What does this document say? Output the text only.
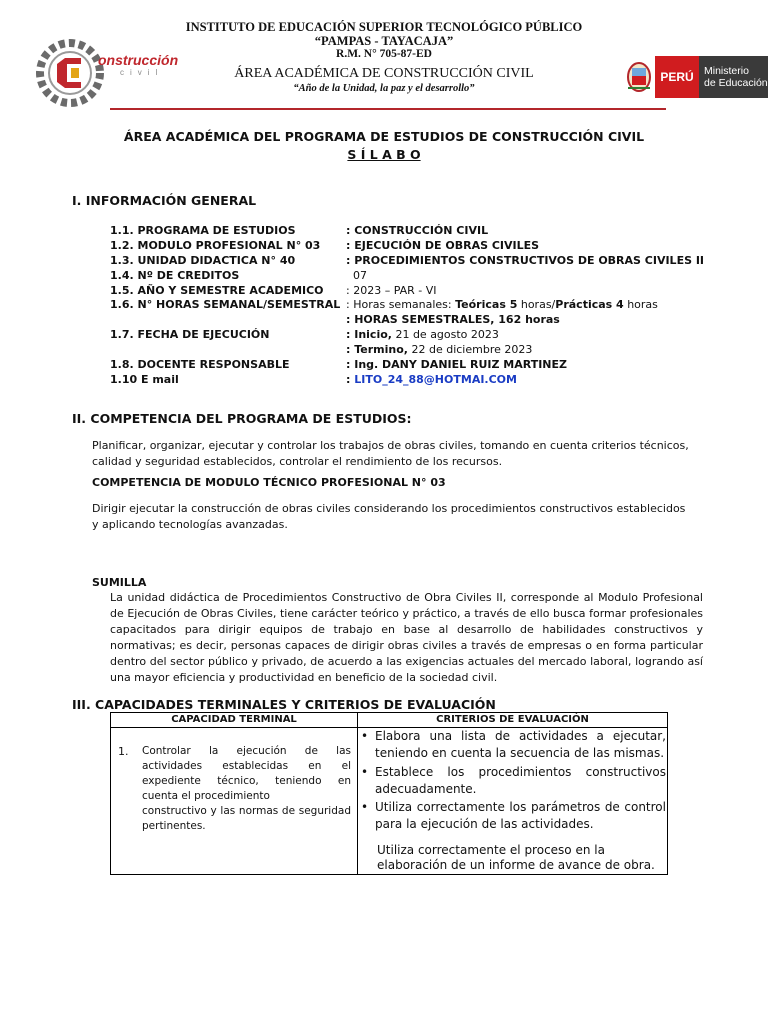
INSTITUTO DE EDUCACIÓN SUPERIOR TECNOLÓGICO PÚBLICO
“PAMPAS - TAYACAJA”
R.M. N° 705-87-ED
ÁREA ACADÉMICA DE CONSTRUCCIÓN CIVIL
“Año de la Unidad, la paz y el desarrollo”
onstrucción
civil	PERÚ Ministerio
de Educación
ÁREA ACADÉMICA DEL PROGRAMA DE ESTUDIOS DE CONSTRUCCIÓN CIVIL
S Í L A B O
I. INFORMACIÓN GENERAL
1.1. PROGRAMA DE ESTUDIOS	: CONSTRUCCIÓN CIVIL
1.2. MODULO PROFESIONAL N° 03 : EJECUCIÓN DE OBRAS CIVILES
1.3. UNIDAD DIDACTICA N° 40	: PROCEDIMIENTOS CONSTRUCTIVOS DE OBRAS CIVILES II
1.4. Nº DE CREDITOS	07
1.5. AÑO Y SEMESTRE ACADEMICO : 2023 – PAR - VI
1.6. N° HORAS SEMANAL/SEMESTRAL : Horas semanales: Teóricas 5 horas/Prácticas 4 horas
: HORAS SEMESTRALES, 162 horas
1.7. FECHA DE EJECUCIÓN	: Inicio, 21 de agosto 2023
: Termino, 22 de diciembre 2023
1.8. DOCENTE RESPONSABLE	: Ing. DANY DANIEL RUIZ MARTINEZ
1.10 E mail	: LITO_24_88@HOTMAI.COM
II. COMPETENCIA DEL PROGRAMA DE ESTUDIOS:
Planificar, organizar, ejecutar y controlar los trabajos de obras civiles, tomando en cuenta criterios técnicos, calidad y seguridad establecidos, controlar el rendimiento de los recursos.
COMPETENCIA DE MODULO TÉCNICO PROFESIONAL N° 03
Dirigir ejecutar la construcción de obras civiles considerando los procedimientos constructivos establecidos y aplicando tecnologías avanzadas.
SUMILLA
La unidad didáctica de Procedimientos Constructivo de Obra Civiles II, corresponde al Modulo Profesional de Ejecución de Obras Civiles, tiene carácter teórico y práctico, a través de ello busca formar profesionales capacitados para dirigir equipos de trabajo en base al desarrollo de habilidades constructivos y normativas; es decir, personas capaces de dirigir obras civiles a través de empresas o en forma particular dentro del sector público y privado, de acuerdo a las exigencias actuales del mercado laboral, logrando así una mayor eficiencia y productividad en beneficio de la sociedad civil.
III. CAPACIDADES TERMINALES Y CRITERIOS DE EVALUACIÓN
CAPACIDAD TERMINAL	CRITERIOS DE EVALUACIÓN
1. Controlar la ejecución de las actividades establecidas en el expediente técnico, teniendo en cuenta el procedimiento
constructivo y las normas de seguridad pertinentes.
• Elabora una lista de actividades a ejecutar, teniendo en cuenta la secuencia de las mismas.
• Establece los procedimientos constructivos adecuadamente.
• Utiliza correctamente los parámetros de control para la ejecución de las actividades.
Utiliza correctamente el proceso en la elaboración de un informe de avance de obra.
